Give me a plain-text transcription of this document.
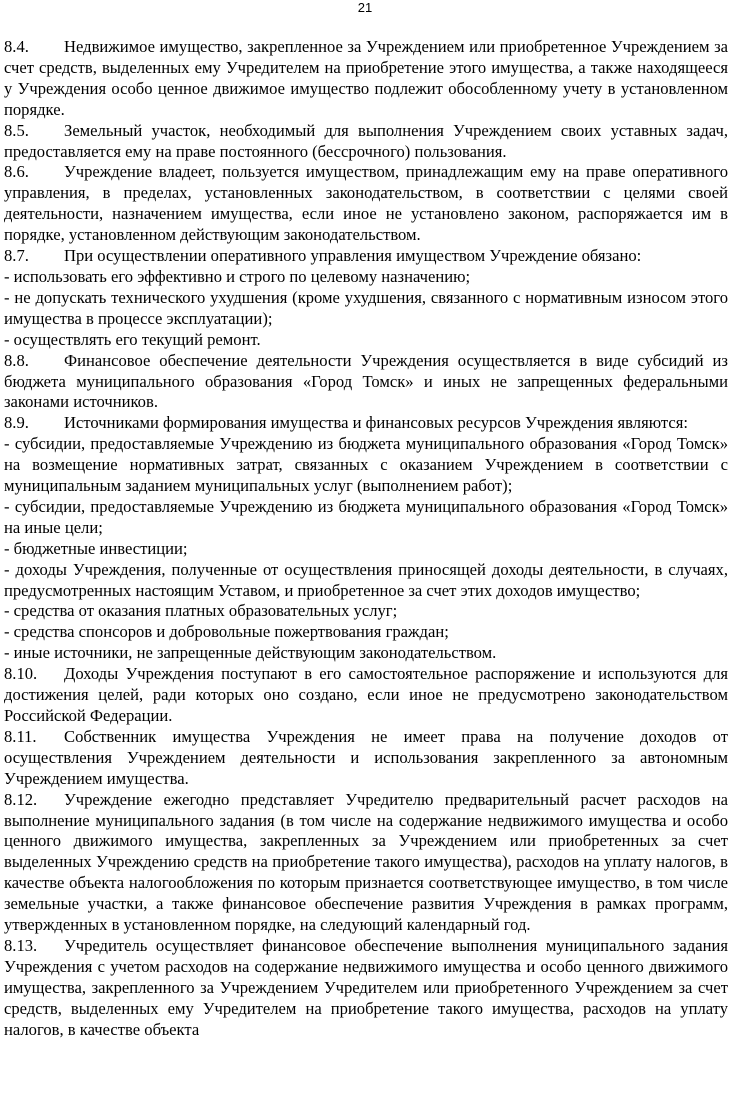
21

8.4. Недвижимое имущество, закрепленное за Учреждением или приобретенное Учреждением за счет средств, выделенных ему Учредителем на приобретение этого имущества, а также находящееся у Учреждения особо ценное движимое имущество подлежит обособленному учету в установленном порядке.

8.5. Земельный участок, необходимый для выполнения Учреждением своих уставных задач, предоставляется ему на праве постоянного (бессрочного) пользования.

8.6. Учреждение владеет, пользуется имуществом, принадлежащим ему на праве оперативного управления, в пределах, установленных законодательством, в соответствии с целями своей деятельности, назначением имущества, если иное не установлено законом, распоряжается им в порядке, установленном действующим законодательством.

8.7. При осуществлении оперативного управления имуществом Учреждение обязано:

- использовать его эффективно и строго по целевому назначению;

- не допускать технического ухудшения (кроме ухудшения, связанного с нормативным износом этого имущества в процессе эксплуатации);

- осуществлять его текущий ремонт.

8.8. Финансовое обеспечение деятельности Учреждения осуществляется в виде субсидий из бюджета муниципального образования «Город Томск» и иных не запрещенных федеральными законами источников.

8.9. Источниками формирования имущества и финансовых ресурсов Учреждения являются:

- субсидии, предоставляемые Учреждению из бюджета муниципального образования «Город Томск» на возмещение нормативных затрат, связанных с оказанием Учреждением в соответствии с муниципальным заданием муниципальных услуг (выполнением работ);

- субсидии, предоставляемые Учреждению из бюджета муниципального образования «Город Томск» на иные цели;

- бюджетные инвестиции;

- доходы Учреждения, полученные от осуществления приносящей доходы деятельности, в случаях, предусмотренных настоящим Уставом, и приобретенное за счет этих доходов имущество;

- средства от оказания платных образовательных услуг;

- средства спонсоров и добровольные пожертвования граждан;

- иные источники, не запрещенные действующим законодательством.

8.10. Доходы Учреждения поступают в его самостоятельное распоряжение и используются для достижения целей, ради которых оно создано, если иное не предусмотрено законодательством Российской Федерации.

8.11. Собственник имущества Учреждения не имеет права на получение доходов от осуществления Учреждением деятельности и использования закрепленного за автономным Учреждением имущества.

8.12. Учреждение ежегодно представляет Учредителю предварительный расчет расходов на выполнение муниципального задания (в том числе на содержание недвижимого имущества и особо ценного движимого имущества, закрепленных за Учреждением или приобретенных за счет выделенных Учреждению средств на приобретение такого имущества), расходов на уплату налогов, в качестве объекта налогообложения по которым признается соответствующее имущество, в том числе земельные участки, а также финансовое обеспечение развития Учреждения в рамках программ, утвержденных в установленном порядке, на следующий календарный год.

8.13. Учредитель осуществляет финансовое обеспечение выполнения муниципального задания Учреждения с учетом расходов на содержание недвижимого имущества и особо ценного движимого имущества, закрепленного за Учреждением Учредителем или приобретенного Учреждением за счет средств, выделенных ему Учредителем на приобретение такого имущества, расходов на уплату налогов, в качестве объекта
